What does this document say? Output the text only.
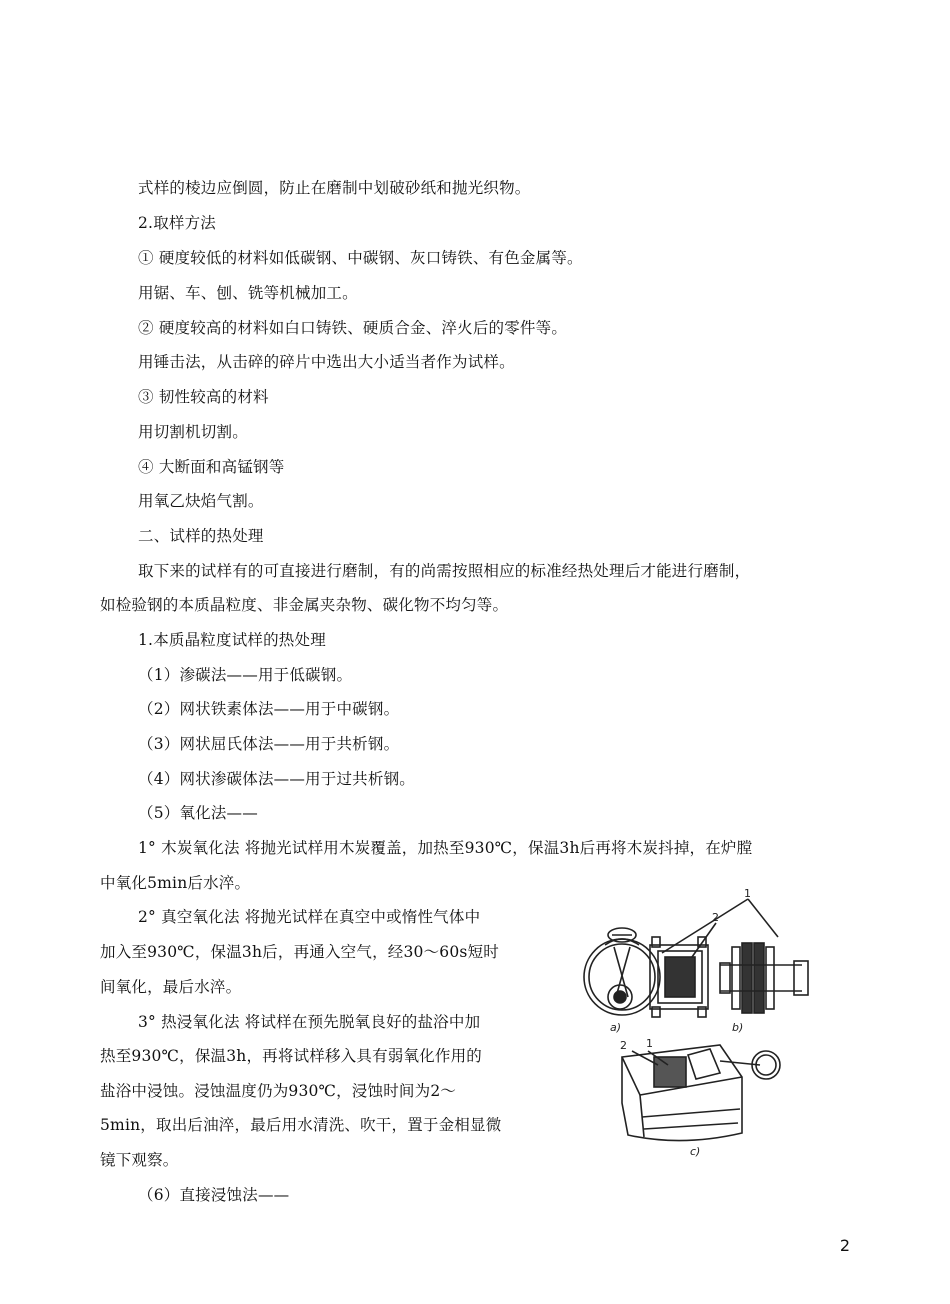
式样的棱边应倒圆，防止在磨制中划破砂纸和抛光织物。
2.取样方法
① 硬度较低的材料如低碳钢、中碳钢、灰口铸铁、有色金属等。
用锯、车、刨、铣等机械加工。
② 硬度较高的材料如白口铸铁、硬质合金、淬火后的零件等。
用锤击法，从击碎的碎片中选出大小适当者作为试样。
③ 韧性较高的材料
用切割机切割。
④ 大断面和高锰钢等
用氧乙炔焰气割。
二、试样的热处理
取下来的试样有的可直接进行磨制，有的尚需按照相应的标准经热处理后才能进行磨制，
如检验钢的本质晶粒度、非金属夹杂物、碳化物不均匀等。
1.本质晶粒度试样的热处理
（1）渗碳法——用于低碳钢。
（2）网状铁素体法——用于中碳钢。
（3）网状屈氏体法——用于共析钢。
（4）网状渗碳体法——用于过共析钢。
（5）氧化法——
1° 木炭氧化法 将抛光试样用木炭覆盖，加热至930℃，保温3h后再将木炭抖掉，在炉膛
中氧化5min后水淬。
2° 真空氧化法 将抛光试样在真空中或惰性气体中
加入至930℃，保温3h后，再通入空气，经30～60s短时
间氧化，最后水淬。
3° 热浸氧化法 将试样在预先脱氧良好的盐浴中加
热至930℃，保温3h，再将试样移入具有弱氧化作用的
盐浴中浸蚀。浸蚀温度仍为930℃，浸蚀时间为2～
5min，取出后油淬，最后用水清洗、吹干，置于金相显微
镜下观察。
（6）直接浸蚀法——
1
2
a)	b)
2 1
c)
2
